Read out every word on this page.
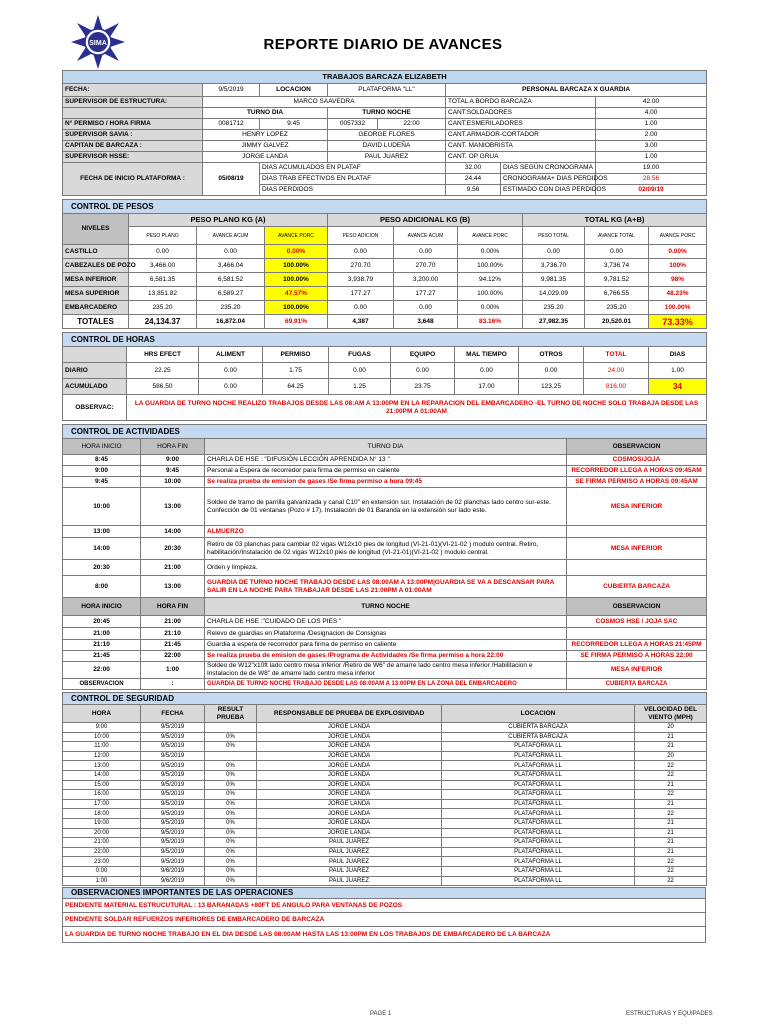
SIMA	REPORTE DIARIO DE AVANCES
TRABAJOS BARCAZA ELIZABETH							
FECHA:	9/5/2019	LOCACION	PLATAFORMA "LL"		PERSONAL BARCAZA X GUARDIA		
SUPERVISOR DE ESTRUCTURA:	MARCO SAAVEDRA				TOTAL A BORDO BARCAZA		42.00
	TURNO DIA		TURNO NOCHE		CANT.SOLDADORES		4.00
N° PERMISO / HORA FIRMA	0081712	9:45	0057332	22:00	CANT.ESMERILADORES		1.00
SUPERVISOR SAVIA :	HENRY LOPEZ		GEORGE FLORES		CANT.ARMADOR-CORTADOR		2.00
CAPITAN DE BARCAZA :	JIMMY GALVEZ		DAVID LUDEÑA		CANT. MANIOBRISTA		3.00
SUPERVISOR HSSE:	JORGE LANDA		PAUL JUAREZ		CANT. OP GRUA		1.00
FECHA DE INICIO PLATAFORMA :	05/08/19	DIAS ACUMULADOS EN PLATAF			32.00	DIAS SEGÚN CRONOGRAMA	19.00
		DIAS TRAB EFECTIVOS EN PLATAF			24.44	CRONOGRAMA+ DIAS PERDIDOS	28.56
		DIAS PERDIDOS			9.56	ESTIMADO CON DIAS PERDIDOS	02/09/19
CONTROL DE PESOS									
NIVELES	PESO PLANO KG (A)			PESO ADICIONAL KG (B)			TOTAL KG (A+B)		
	PESO PLANO	AVANCE ACUM	AVANCE PORC	PESO ADICION	AVANCE ACUM	AVANCE PORC	PESO TOTAL	AVANCE TOTAL	AVANCE PORC
CASTILLO	0.00	0.00	0.00%	0.00	0.00	0.00%	0.00	0.00	0.00%
CABEZALES DE POZO	3,466.00	3,466.04	100.00%	270.70	270.70	100.00%	3,736.70	3,736.74	100%
MESA INFERIOR	6,581.35	6,581.52	100.00%	3,938.79	3,200.00	94.12%	9,981.35	9,781.52	98%
MESA SUPERIOR	13,851.82	6,589.27	47.57%	177.27	177.27	100.00%	14,029.09	6,766.55	48.23%
EMBARCADERO	235.20	235.20	100.00%	0.00	0.00	0.00%	235.20	235.20	100.00%
TOTALES	24,134.37	16,872.04	69.91%	4,387	3,648	83.16%	27,982.35	20,520.01	73.33%
CONTROL DE HORAS									
	HRS EFECT	ALIMENT	PERMISO	FUGAS	EQUIPO	MAL TIEMPO	OTROS	TOTAL	DIAS
DIARIO	22.25	0.00	1.75	0.00	0.00	0.00	0.00	24.00	1.00
ACUMULADO	586.50	0.00	64.25	1.25	23.75	17.00	123.25	816.00	34
OBSERVAC:	LA GUARDIA DE TURNO NOCHE REALIZO TRABAJOS DESDE LAS 08:AM A 13:00PM EN LA REPARACION DEL EMBARCADERO -EL TURNO DE NOCHE SOLO TRABAJA DESDE LAS 21:00PM A 01:00AM								
CONTROL DE ACTIVIDADES			
HORA INICIO	HORA FIN	TURNO DIA	OBSERVACION
8:45	9:00	CHARLA DE HSE : "DIFUSIÓN LECCIÓN APRENDIDA N° 13 "	COSMOS/JOJA
9:00	9:45	Personal a Espera de recorredor para firma de permiso en caliente	RECORREDOR LLEGA A HORAS 09:45AM
9:45	10:00	Se realiza prueba de emision de gases /Se firma permiso a hora 09:45	SE FIRMA PERMISO A HORAS 09:45AM
10:00	13:00	Soldeo de tramo de parrilla galvanizada y canal C10" en extensión sur. Instalación de 02 planchas lado centro sur-este. Confección de 01 ventanas (Pozo # 17). Instalación de 01 Baranda en la extensión sur lado este.	MESA INFERIOR
13:00	14:00	ALMUERZO	
14:00	20:30	Retiro de 03 planchas para cambiar 02 vigas W12x10 pies de longitud (VI-21-01)(VI-21-02 ) modulo central. Retiro, habilitación/Instalación de 02 vigas W12x10 pies de longitud (VI-21-01)(VI-21-02 ) modulo central.	MESA INFERIOR
20:30	21:00	Orden y limpieza.	
8:00	13:00	GUARDIA DE TURNO NOCHE TRABAJO DESDE LAS 08:00AM A 13:00PM|GUARDIA SE VA A DESCANSAR PARA SALIR EN LA NOCHE PARA TRABAJAR DESDE LAS 21:00PM A 01:00AM	CUBIERTA BARCAZA
HORA INICIO	HORA FIN	TURNO NOCHE	OBSERVACION
20:45	21:00	CHARLA DE HSE :"CUIDADO DE LOS PIES "	COSMOS HSE / JOJA SAC
21:00	21:10	Relevo de guardias en Plataforma /Designacion de Consignas	
21:10	21:45	Guardia a espera de recorredor para firma de permiso en caliente	RECORREDOR LLEGA A HORAS 21:45PM
21:45	22:00	Se realiza prueba de emision de gases /Programa de Actividades /Se firma permiso a hora 22:00	SE FIRMA PERMISO A HORAS 22:00
22:00	1:00	Soldeo de W12"x10ft lado centro mesa inferior /Retiro de W6" de amarre lado centro mesa inferior /Habilitacion e Instalacion de de W8" de amarre lado centro mesa inferior	MESA INFERIOR
OBSERVACION	:	GUARDIA DE TURNO NOCHE TRABAJO DESDE LAS 08:00AM A 13:00PM EN LA ZONA DEL EMBARCADERO	CUBIERTA BARCAZA
CONTROL DE SEGURIDAD					
HORA	FECHA	RESULT PRUEBA	RESPONSABLE DE PRUEBA DE EXPLOSIVIDAD	LOCACION	VELOCIDAD DEL VIENTO (MPH)
9:00	9/5/2019		JORGE LANDA	CUBIERTA BARCAZA	20
10:00	9/5/2019	0%	JORGE LANDA	CUBIERTA BARCAZA	21
11:00	9/5/2019	0%	JORGE LANDA	PLATAFORMA LL	21
12:00	9/5/2019		JORGE LANDA	PLATAFORMA LL	20
13:00	9/5/2019	0%	JORGE LANDA	PLATAFORMA LL	22
14:00	9/5/2019	0%	JORGE LANDA	PLATAFORMA LL	22
15:00	9/5/2019	0%	JORGE LANDA	PLATAFORMA LL	21
16:00	9/5/2019	0%	JORGE LANDA	PLATAFORMA LL	22
17:00	9/5/2019	0%	JORGE LANDA	PLATAFORMA LL	21
18:00	9/5/2019	0%	JORGE LANDA	PLATAFORMA LL	22
19:00	9/5/2019	0%	JORGE LANDA	PLATAFORMA LL	21
20:00	9/5/2019	0%	JORGE LANDA	PLATAFORMA LL	21
21:00	9/5/2019	0%	PAUL JUAREZ	PLATAFORMA LL	21
22:00	9/5/2019	0%	PAUL JUAREZ	PLATAFORMA LL	21
23:00	9/5/2019	0%	PAUL JUAREZ	PLATAFORMA LL	22
0:00	9/6/2019	0%	PAUL JUAREZ	PLATAFORMA LL	22
1:00	9/6/2019	0%	PAUL JUAREZ	PLATAFORMA LL	22
OBSERVACIONES IMPORTANTES DE LAS OPERACIONES
PENDIENTE MATERIAL ESTRUCUTURAL : 13 BARANADAS +80FT DE ANGULO PARA VENTANAS DE POZOS
PENDIENTE SOLDAR REFUERZOS INFERIORES DE EMBARCADERO DE BARCAZA
LA GUARDIA DE TURNO NOCHE TRABAJO EN EL DIA DESDE LAS 08:00AM HASTA LAS 13:00PM EN LOS TRABAJOS DE EMBARCADERO DE LA BARCAZA
PAGE 1	ESTRUCTURAS Y EQUIPADES
